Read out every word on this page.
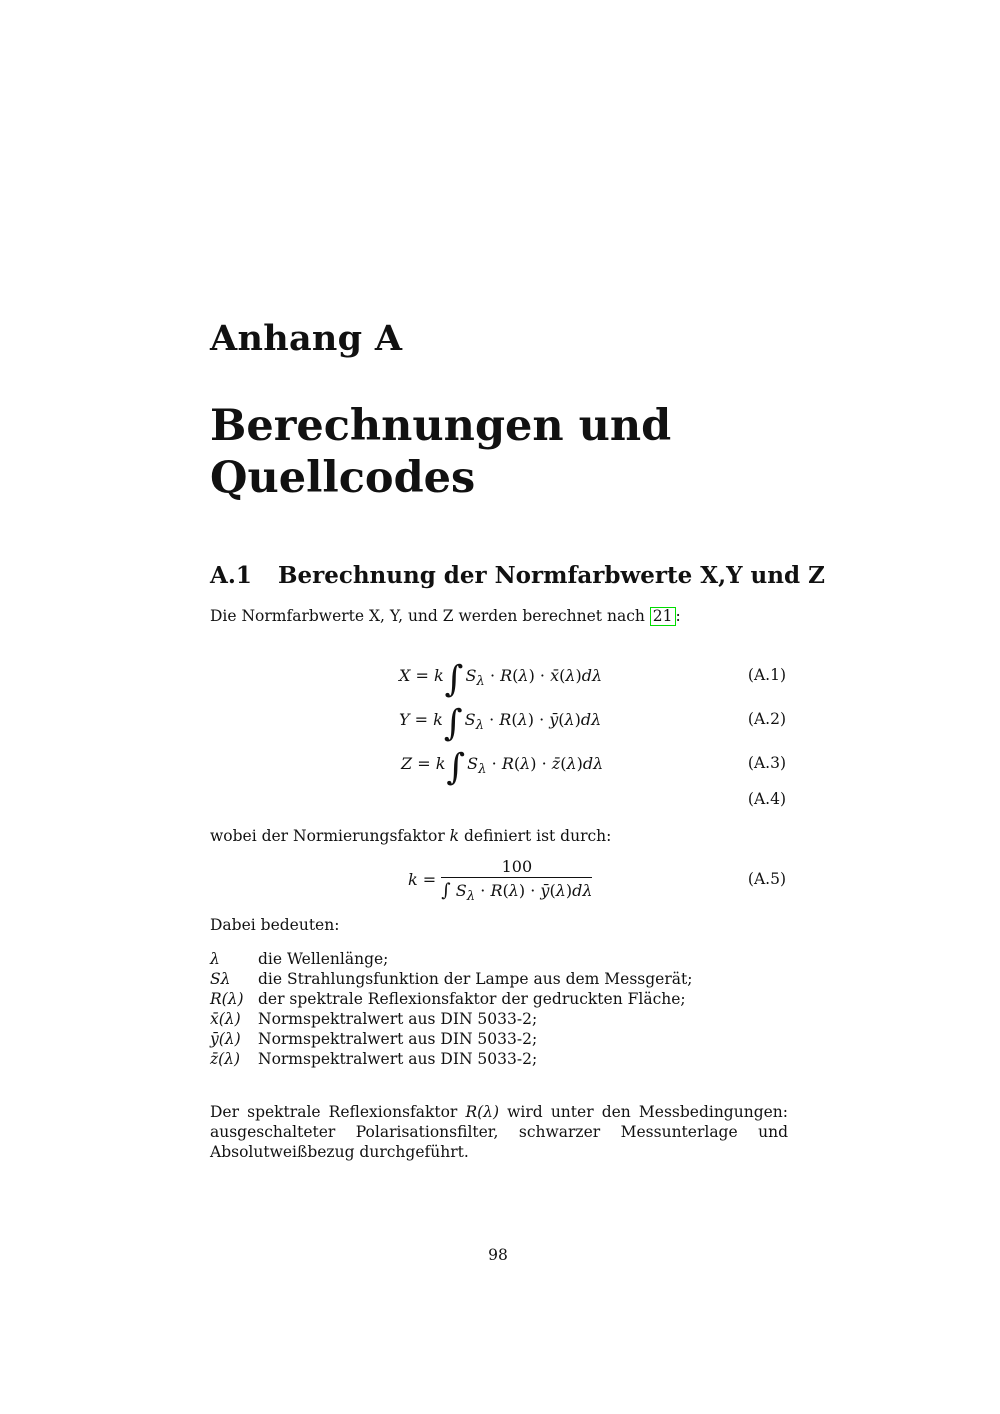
Anhang A
Berechnungen und
Quellcodes
A.1 Berechnung der Normfarbwerte X,Y und Z
Die Normfarbwerte X, Y, und Z werden berechnet nach 21 :
X = k∫ $S_\lambda \cdot R(\lambda)$ · x̄(λ)dλ	(A.1)
Y = k∫ $S_\lambda \cdot R(\lambda)$ · ȳ(λ)dλ	(A.2)
Z = k∫ $S_\lambda \cdot R(\lambda)$ · z̄(λ)dλ	(A.3)
(A.4)
wobei der Normierungsfaktor k definiert ist durch:
$k = \frac{100}{\int S_\lambda \cdot R(\lambda) \cdot ȳ(\lambda)d\lambda}$	(A.5)
Dabei bedeuten:
λ	die Wellenlänge;
Sλ	die Strahlungsfunktion der Lampe aus dem Messgerät;
R(λ) der spektrale Reflexionsfaktor der gedruckten Fläche;
x̄(λ)	Normspektralwert aus DIN 5033-2;
ȳ(λ)	Normspektralwert aus DIN 5033-2;
z̄(λ)	Normspektralwert aus DIN 5033-2;
Der spektrale Reflexionsfaktor R(λ) wird unter den Messbedingungen: ausgeschalteter Polarisationsfilter, schwarzer Messunterlage und Absolutweißbezug durchgeführt.
98
